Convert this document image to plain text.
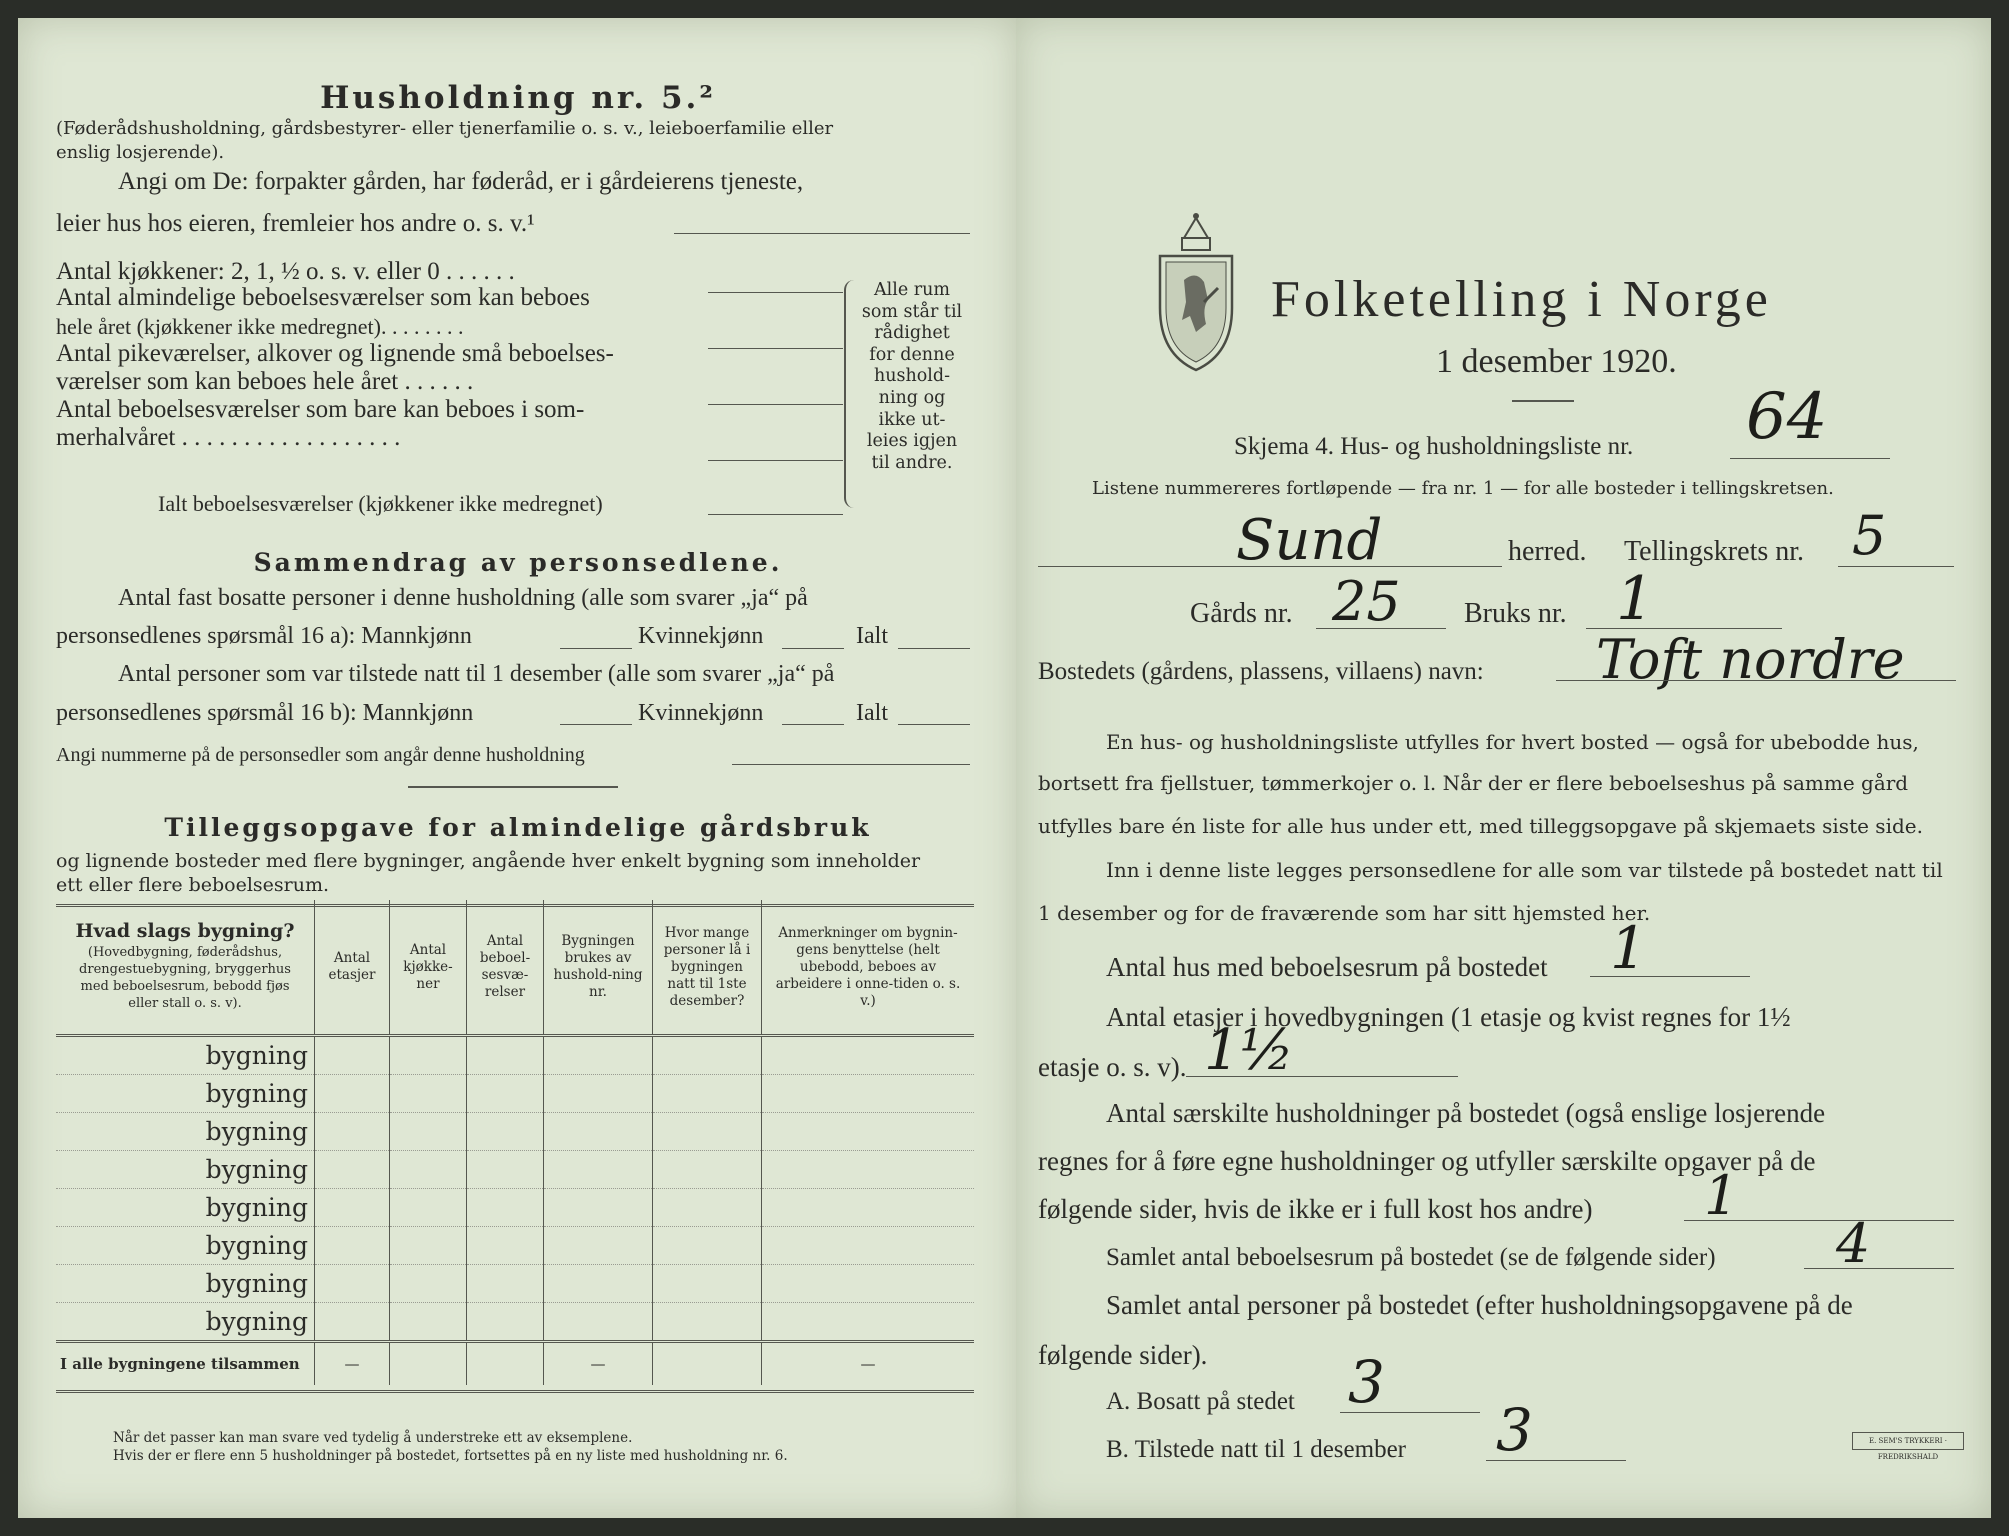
Husholdning nr. 5.²
(Føderådshusholdning, gårdsbestyrer- eller tjenerfamilie o. s. v., leieboerfamilie eller
enslig losjerende).
Angi om De: forpakter gården, har føderåd, er i gårdeierens tjeneste,
leier hus hos eieren, fremleier hos andre o. s. v.¹
Antal kjøkkener: 2, 1, ½ o. s. v. eller 0 . . . . . .
Antal almindelige beboelsesværelser som kan beboes
hele året (kjøkkener ikke medregnet). . . . . . . .
Antal pikeværelser, alkover og lignende små beboelses-
værelser som kan beboes hele året . . . . . .
Antal beboelsesværelser som bare kan beboes i som-
merhalvåret . . . . . . . . . . . . . . . . . .
Alle rum
som står til
rådighet
for denne
hushold-
ning og
ikke ut-
leies igjen
til andre.
Ialt beboelsesværelser (kjøkkener ikke medregnet)
Sammendrag av personsedlene.
Antal fast bosatte personer i denne husholdning (alle som svarer „ja“ på
personsedlenes spørsmål 16 a): Mannkjønn	Kvinnekjønn	Ialt
Antal personer som var tilstede natt til 1 desember (alle som svarer „ja“ på
personsedlenes spørsmål 16 b): Mannkjønn	Kvinnekjønn	Ialt
Angi nummerne på de personsedler som angår denne husholdning
Tilleggsopgave for almindelige gårdsbruk
og lignende bosteder med flere bygninger, angående hver enkelt bygning som inneholder
ett eller flere beboelsesrum.
Hvad slags bygning?
(Hovedbygning, føderådshus, drengestuebygning, bryggerhus med beboelsesrum, bebodd fjøs eller stall o. s. v).	Antal etasjer	Antal kjøkke-ner	Antal beboel-sesvæ-relser	Bygningen brukes av hushold-ning nr.	Hvor mange personer lå i bygningen natt til 1ste desember?	Anmerkninger om bygnin-gens benyttelse (helt ubebodd, beboes av arbeidere i onne-tiden o. s. v.)
bygning						
bygning						
bygning						
bygning						
bygning						
bygning						
bygning						
bygning						
I alle bygningene tilsammen	—			—		—
Når det passer kan man svare ved tydelig å understreke ett av eksemplene.
Hvis der er flere enn 5 husholdninger på bostedet, fortsettes på en ny liste med husholdning nr. 6.
Folketelling i Norge
1 desember 1920.
Skjema 4. Hus- og husholdningsliste nr. 64
Listene nummereres fortløpende — fra nr. 1 — for alle bosteder i tellingskretsen.
Sund	herred. Tellingskrets nr. 5
Gårds nr. 25 Bruks nr. 1
Bostedets (gårdens, plassens, villaens) navn: Toft nordre
En hus- og husholdningsliste utfylles for hvert bosted — også for ubebodde hus,
bortsett fra fjellstuer, tømmerkojer o. l. Når der er flere beboelseshus på samme gård
utfylles bare én liste for alle hus under ett, med tilleggsopgave på skjemaets siste side.
Inn i denne liste legges personsedlene for alle som var tilstede på bostedet natt til
1 desember og for de fraværende som har sitt hjemsted her.
Antal hus med beboelsesrum på bostedet 1
Antal etasjer i hovedbygningen (1 etasje og kvist regnes for 1½
etasje o. s. v). 1½
Antal særskilte husholdninger på bostedet (også enslige losjerende
regnes for å føre egne husholdninger og utfyller særskilte opgaver på de
følgende sider, hvis de ikke er i full kost hos andre) 1
Samlet antal beboelsesrum på bostedet (se de følgende sider) 4
Samlet antal personer på bostedet (efter husholdningsopgavene på de
følgende sider).
A. Bosatt på stedet 3
B. Tilstede natt til 1 desember 3	E. SEM'S TRYKKERI · FREDRIKSHALD
